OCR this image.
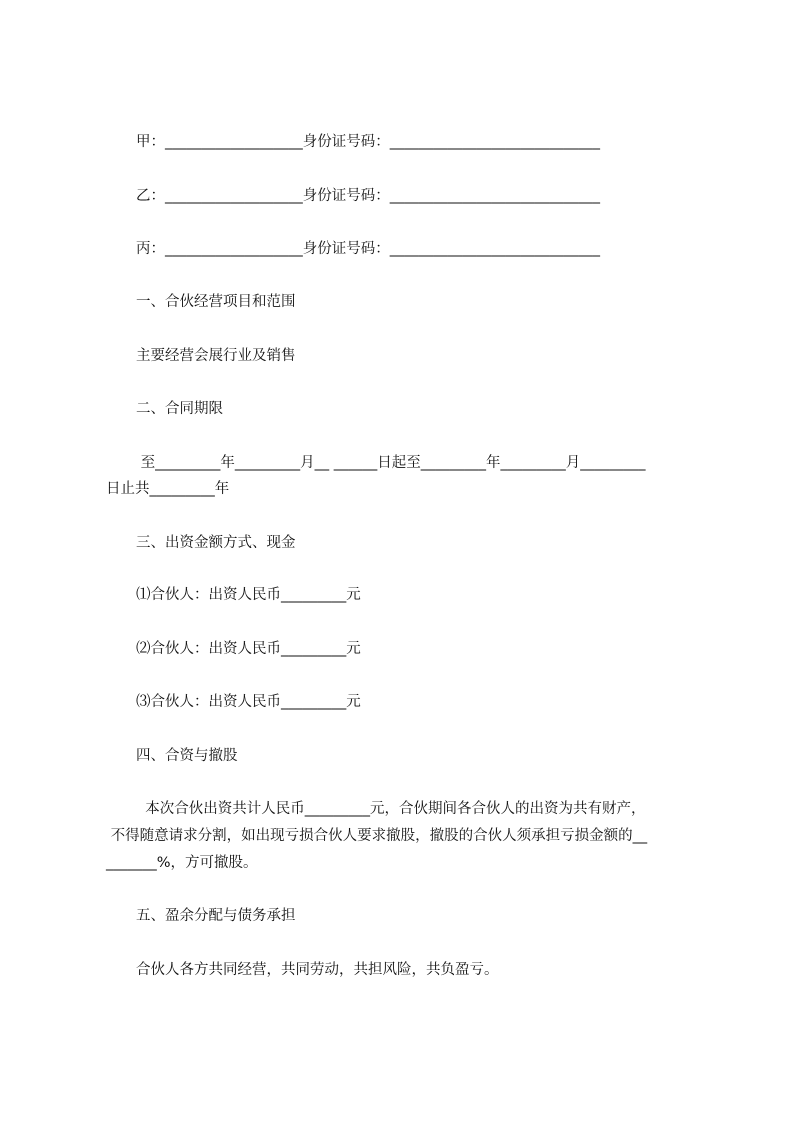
甲：___________________身份证号码：_____________________________
乙：___________________身份证号码：_____________________________
丙：___________________身份证号码：_____________________________
一、合伙经营项目和范围
主要经营会展行业及销售
二、合同期限
至_________年_________月__ ______日起至_________年_________月_________
日止共_________年
三、出资金额方式、现金
⑴合伙人：出资人民币_________元
⑵合伙人：出资人民币_________元
⑶合伙人：出资人民币_________元
四、合资与撤股
本次合伙出资共计人民币_________元，合伙期间各合伙人的出资为共有财产，
不得随意请求分割，如出现亏损合伙人要求撤股，撤股的合伙人须承担亏损金额的__
_______%，方可撤股。
五、盈余分配与债务承担
合伙人各方共同经营，共同劳动，共担风险，共负盈亏。
